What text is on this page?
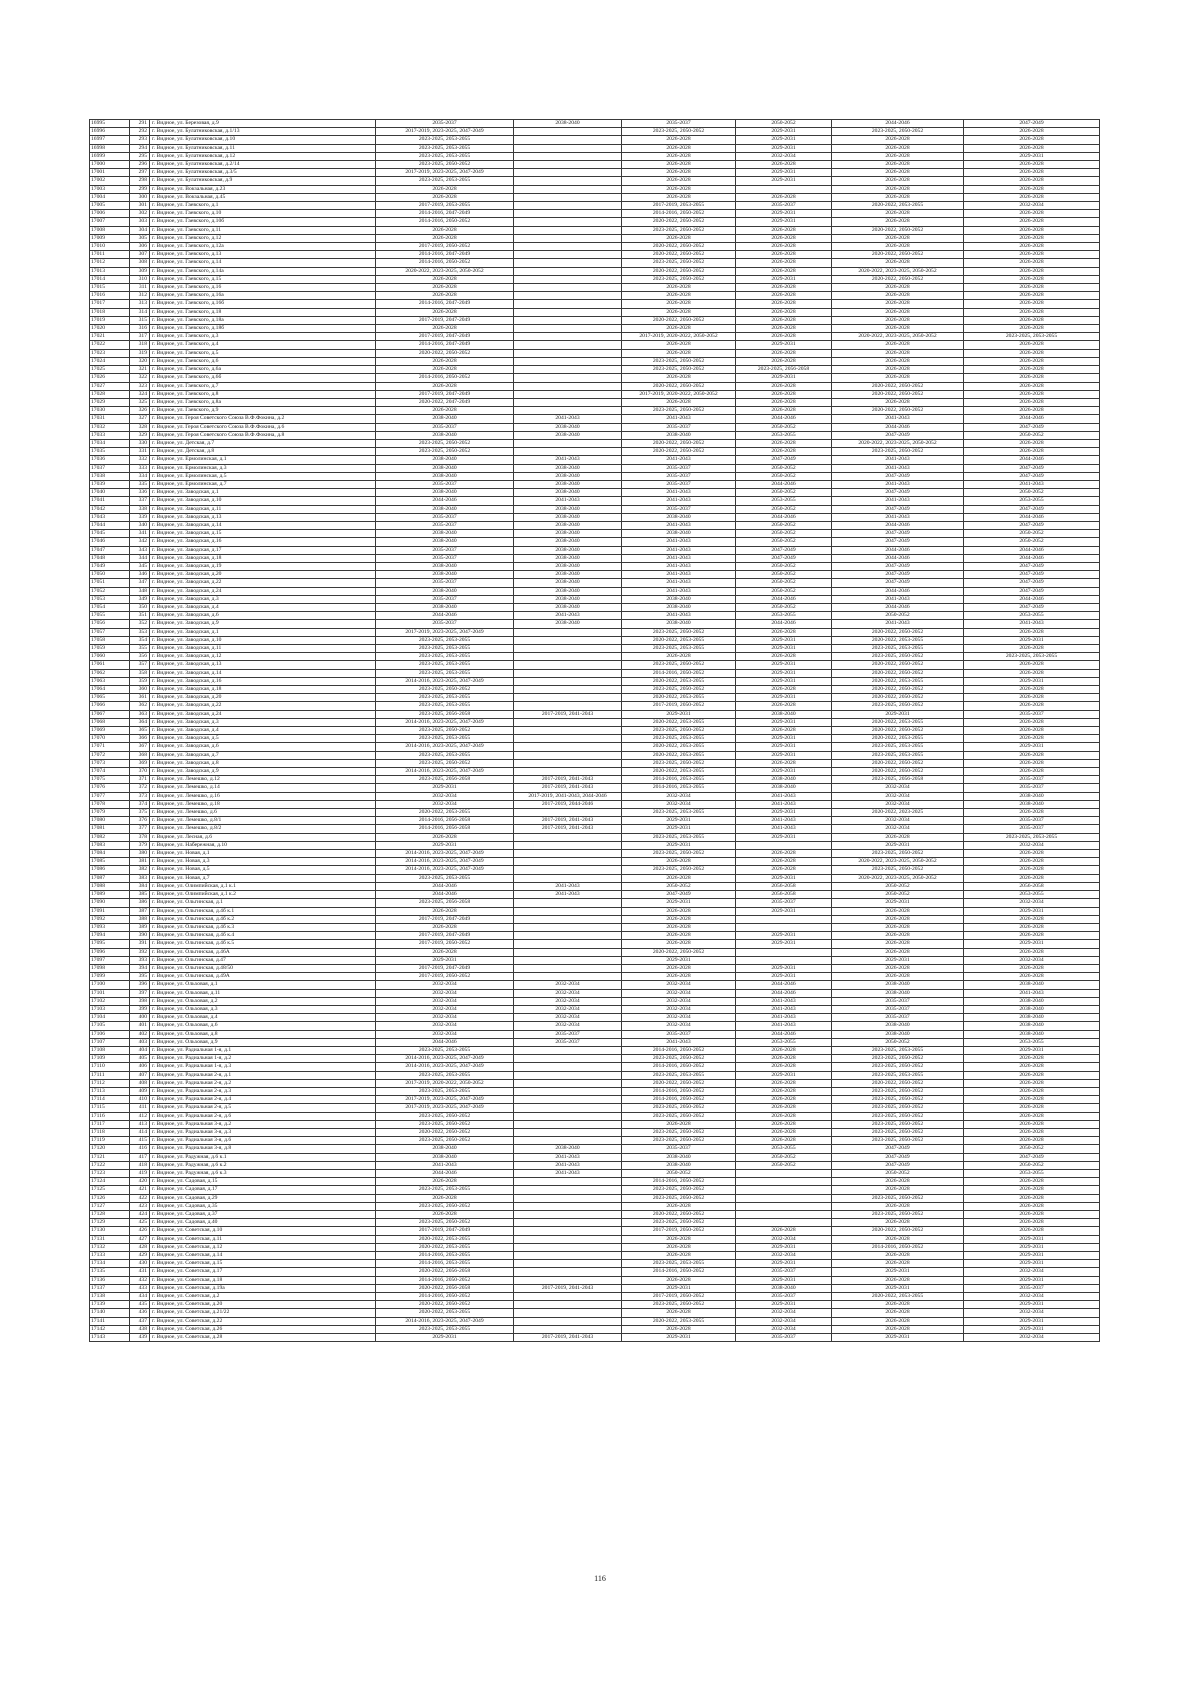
16995	291	г. Видное, ул. Березовая, д.9	2035-2037	2038-2040	2035-2037	2050-2052	2044-2046	2047-2049
16996	292	г. Видное, ул. Булатниковская, д.1/13	2017-2019, 2023-2025, 2047-2049		2023-2025, 2050-2052	2029-2031	2023-2025, 2050-2052	2026-2028
16997	293	г. Видное, ул. Булатниковская, д.10	2023-2025, 2053-2055		2026-2028	2029-2031	2026-2028	2026-2028
16998	294	г. Видное, ул. Булатниковская, д.11	2023-2025, 2053-2055		2026-2028	2029-2031	2026-2028	2026-2028
16999	295	г. Видное, ул. Булатниковская, д.12	2023-2025, 2053-2055		2026-2028	2032-2034	2026-2028	2029-2031
17000	296	г. Видное, ул. Булатниковская, д.2/14	2023-2025, 2050-2052		2026-2028	2026-2028	2026-2028	2026-2028
17001	297	г. Видное, ул. Булатниковская, д.3/5	2017-2019, 2023-2025, 2047-2049		2026-2028	2029-2031	2026-2028	2026-2028
17002	298	г. Видное, ул. Булатниковская, д.9	2023-2025, 2053-2055		2026-2028	2029-2031	2026-2028	2026-2028
17003	299	г. Видное, ул. Вокзальная, д.23	2026-2028		2026-2028		2026-2028	2026-2028
17004	300	г. Видное, ул. Вокзальная, д.45	2026-2028		2026-2028	2026-2028	2026-2028	2026-2028
17005	301	г. Видное, ул. Гаевского, д.1	2017-2019, 2053-2055		2017-2019, 2053-2055	2035-2037	2020-2022, 2053-2055	2032-2034
17006	302	г. Видное, ул. Гаевского, д.10	2014-2016, 2047-2049		2014-2016, 2050-2052	2029-2031	2026-2028	2026-2028
17007	303	г. Видное, ул. Гаевского, д.10б	2014-2016, 2050-2052		2020-2022, 2050-2052	2029-2031	2026-2028	2026-2028
17008	304	г. Видное, ул. Гаевского, д.11	2026-2028		2023-2025, 2050-2052	2026-2028	2020-2022, 2050-2052	2026-2028
17009	305	г. Видное, ул. Гаевского, д.12	2026-2028		2026-2028	2026-2028	2026-2028	2026-2028
17010	306	г. Видное, ул. Гаевского, д.12а	2017-2019, 2050-2052		2020-2022, 2050-2052	2026-2028	2026-2028	2026-2028
17011	307	г. Видное, ул. Гаевского, д.13	2014-2016, 2047-2049		2020-2022, 2050-2052	2026-2028	2020-2022, 2050-2052	2026-2028
17012	308	г. Видное, ул. Гаевского, д.14	2014-2016, 2050-2052		2023-2025, 2050-2052	2026-2028	2026-2028	2026-2028
17013	309	г. Видное, ул. Гаевского, д.14а	2020-2022, 2023-2025, 2050-2052		2020-2022, 2050-2052	2026-2028	2020-2022, 2023-2025, 2050-2052	2026-2028
17014	310	г. Видное, ул. Гаевского, д.15	2026-2028		2023-2025, 2050-2052	2029-2031	2020-2022, 2050-2052	2026-2028
17015	311	г. Видное, ул. Гаевского, д.16	2026-2028		2026-2028	2026-2028	2026-2028	2026-2028
17016	312	г. Видное, ул. Гаевского, д.16а	2026-2028		2026-2028	2026-2028	2026-2028	2026-2028
17017	313	г. Видное, ул. Гаевского, д.16б	2014-2016, 2047-2049		2026-2028	2026-2028	2026-2028	2026-2028
17018	314	г. Видное, ул. Гаевского, д.18	2026-2028		2026-2028	2026-2028	2026-2028	2026-2028
17019	315	г. Видное, ул. Гаевского, д.18а	2017-2019, 2047-2049		2020-2022, 2050-2052	2026-2028	2026-2028	2026-2028
17020	316	г. Видное, ул. Гаевского, д.18б	2026-2028		2026-2028	2026-2028	2026-2028	2026-2028
17021	317	г. Видное, ул. Гаевского, д.3	2017-2019, 2047-2049		2017-2019, 2020-2022, 2050-2052	2026-2028	2020-2022, 2023-2025, 2050-2052	2023-2025, 2053-2055
17022	318	г. Видное, ул. Гаевского, д.4	2014-2016, 2047-2049		2026-2028	2029-2031	2026-2028	2026-2028
17023	319	г. Видное, ул. Гаевского, д.5	2020-2022, 2050-2052		2026-2028	2026-2028	2026-2028	2026-2028
17024	320	г. Видное, ул. Гаевского, д.6	2026-2028		2023-2025, 2050-2052	2026-2028	2026-2028	2026-2028
17025	321	г. Видное, ул. Гаевского, д.6а	2026-2028		2023-2025, 2050-2052	2023-2025, 2056-2058	2026-2028	2026-2028
17026	322	г. Видное, ул. Гаевского, д.6б	2014-2016, 2050-2052		2026-2028	2029-2031	2026-2028	2026-2028
17027	323	г. Видное, ул. Гаевского, д.7	2026-2028		2020-2022, 2050-2052	2026-2028	2020-2022, 2050-2052	2026-2028
17028	324	г. Видное, ул. Гаевского, д.8	2017-2019, 2047-2049		2017-2019, 2020-2022, 2050-2052	2026-2028	2020-2022, 2050-2052	2026-2028
17029	325	г. Видное, ул. Гаевского, д.8а	2020-2022, 2047-2049		2026-2028	2026-2028	2026-2028	2026-2028
17030	326	г. Видное, ул. Гаевского, д.9	2026-2028		2023-2025, 2050-2052	2026-2028	2020-2022, 2050-2052	2026-2028
17031	327	г. Видное, ул. Героя Советского Союза В.Ф.Фокина, д.2	2038-2040	2041-2043	2041-2043	2044-2046	2041-2043	2044-2046
17032	328	г. Видное, ул. Героя Советского Союза В.Ф.Фокина, д.6	2035-2037	2038-2040	2035-2037	2050-2052	2044-2046	2047-2049
17033	329	г. Видное, ул. Героя Советского Союза В.Ф.Фокина, д.8	2038-2040	2038-2040	2038-2040	2053-2055	2047-2049	2050-2052
17034	330	г. Видное, ул. Детская, д.7	2023-2025, 2050-2052		2020-2022, 2050-2052	2026-2028	2020-2022, 2023-2025, 2050-2052	2026-2028
17035	331	г. Видное, ул. Детская, д.8	2023-2025, 2050-2052		2020-2022, 2050-2052	2026-2028	2023-2025, 2050-2052	2026-2028
17036	332	г. Видное, ул. Ермолинская, д.1	2038-2040	2041-2043	2041-2043	2047-2049	2041-2043	2044-2046
17037	333	г. Видное, ул. Ермолинская, д.3	2038-2040	2038-2040	2035-2037	2050-2052	2041-2043	2047-2049
17038	334	г. Видное, ул. Ермолинская, д.5	2038-2040	2038-2040	2035-2037	2050-2052	2047-2049	2047-2049
17039	335	г. Видное, ул. Ермолинская, д.7	2035-2037	2038-2040	2035-2037	2044-2046	2041-2043	2041-2043
17040	336	г. Видное, ул. Заводская, д.1	2038-2040	2038-2040	2041-2043	2050-2052	2047-2049	2050-2052
17041	337	г. Видное, ул. Заводская, д.10	2044-2046	2041-2043	2041-2043	2053-2055	2041-2043	2053-2055
17042	338	г. Видное, ул. Заводская, д.11	2038-2040	2038-2040	2035-2037	2050-2052	2047-2049	2047-2049
17043	339	г. Видное, ул. Заводская, д.13	2035-2037	2038-2040	2038-2040	2044-2046	2041-2043	2044-2046
17044	340	г. Видное, ул. Заводская, д.14	2035-2037	2038-2040	2041-2043	2050-2052	2044-2046	2047-2049
17045	341	г. Видное, ул. Заводская, д.15	2038-2040	2038-2040	2038-2040	2050-2052	2047-2049	2050-2052
17046	342	г. Видное, ул. Заводская, д.16	2038-2040	2038-2040	2041-2043	2050-2052	2047-2049	2050-2052
17047	343	г. Видное, ул. Заводская, д.17	2035-2037	2038-2040	2041-2043	2047-2049	2044-2046	2044-2046
17048	344	г. Видное, ул. Заводская, д.18	2035-2037	2038-2040	2041-2043	2047-2049	2044-2046	2044-2046
17049	345	г. Видное, ул. Заводская, д.19	2038-2040	2038-2040	2041-2043	2050-2052	2047-2049	2047-2049
17050	346	г. Видное, ул. Заводская, д.20	2038-2040	2038-2040	2041-2043	2050-2052	2047-2049	2047-2049
17051	347	г. Видное, ул. Заводская, д.22	2035-2037	2038-2040	2041-2043	2050-2052	2047-2049	2047-2049
17052	348	г. Видное, ул. Заводская, д.24	2038-2040	2038-2040	2041-2043	2050-2052	2044-2046	2047-2049
17053	349	г. Видное, ул. Заводская, д.3	2035-2037	2038-2040	2038-2040	2044-2046	2041-2043	2044-2046
17054	350	г. Видное, ул. Заводская, д.4	2038-2040	2038-2040	2038-2040	2050-2052	2044-2046	2047-2049
17055	351	г. Видное, ул. Заводская, д.6	2044-2046	2041-2043	2041-2043	2053-2055	2050-2052	2053-2055
17056	352	г. Видное, ул. Заводская, д.9	2035-2037	2038-2040	2038-2040	2044-2046	2041-2043	2041-2043
17057	353	г. Видное, ул. Заводская, д.1	2017-2019, 2023-2025, 2047-2049		2023-2025, 2050-2052	2026-2028	2020-2022, 2050-2052	2026-2028
17058	354	г. Видное, ул. Заводская, д.10	2023-2025, 2053-2055		2020-2022, 2053-2055	2029-2031	2020-2022, 2053-2055	2029-2031
17059	355	г. Видное, ул. Заводская, д.11	2023-2025, 2053-2055		2023-2025, 2053-2055	2029-2031	2023-2025, 2053-2055	2026-2028
17060	356	г. Видное, ул. Заводская, д.12	2023-2025, 2053-2055		2026-2028	2026-2028	2023-2025, 2050-2052	2023-2025, 2053-2055
17061	357	г. Видное, ул. Заводская, д.13	2023-2025, 2053-2055		2023-2025, 2050-2052	2029-2031	2020-2022, 2050-2052	2026-2028
17062	358	г. Видное, ул. Заводская, д.14	2023-2025, 2053-2055		2014-2016, 2050-2052	2029-2031	2020-2022, 2050-2052	2026-2028
17063	359	г. Видное, ул. Заводская, д.16	2014-2016, 2023-2025, 2047-2049		2020-2022, 2053-2055	2029-2031	2020-2022, 2053-2055	2029-2031
17064	360	г. Видное, ул. Заводская, д.18	2023-2025, 2050-2052		2023-2025, 2050-2052	2026-2028	2020-2022, 2050-2052	2026-2028
17065	361	г. Видное, ул. Заводская, д.20	2023-2025, 2053-2055		2020-2022, 2053-2055	2029-2031	2020-2022, 2050-2052	2026-2028
17066	362	г. Видное, ул. Заводская, д.22	2023-2025, 2053-2055		2017-2019, 2050-2052	2026-2028	2023-2025, 2050-2052	2026-2028
17067	363	г. Видное, ул. Заводская, д.24	2023-2025, 2056-2058	2017-2019, 2041-2043	2029-2031	2038-2040	2029-2031	2035-2037
17068	364	г. Видное, ул. Заводская, д.3	2014-2016, 2023-2025, 2047-2049		2020-2022, 2053-2055	2029-2031	2020-2022, 2053-2055	2026-2028
17069	365	г. Видное, ул. Заводская, д.4	2023-2025, 2050-2052		2023-2025, 2050-2052	2026-2028	2020-2022, 2050-2052	2026-2028
17070	366	г. Видное, ул. Заводская, д.5	2023-2025, 2053-2055		2023-2025, 2053-2055	2029-2031	2020-2022, 2053-2055	2026-2028
17071	367	г. Видное, ул. Заводская, д.6	2014-2016, 2023-2025, 2047-2049		2020-2022, 2053-2055	2029-2031	2023-2025, 2053-2055	2029-2031
17072	368	г. Видное, ул. Заводская, д.7	2023-2025, 2053-2055		2020-2022, 2053-2055	2029-2031	2023-2025, 2053-2055	2026-2028
17073	369	г. Видное, ул. Заводская, д.8	2023-2025, 2050-2052		2023-2025, 2050-2052	2026-2028	2020-2022, 2050-2052	2026-2028
17074	370	г. Видное, ул. Заводская, д.9	2014-2016, 2023-2025, 2047-2049		2020-2022, 2053-2055	2029-2031	2020-2022, 2050-2052	2026-2028
17075	371	г. Видное, ул. Лемешко, д.12	2023-2025, 2056-2058	2017-2019, 2041-2043	2014-2016, 2053-2055	2038-2040	2023-2025, 2056-2058	2035-2037
17076	372	г. Видное, ул. Лемешко, д.14	2029-2031	2017-2019, 2041-2043	2014-2016, 2053-2055	2038-2040	2032-2034	2035-2037
17077	373	г. Видное, ул. Лемешко, д.16	2032-2034	2017-2019, 2041-2043, 2044-2046	2032-2034	2041-2043	2032-2034	2038-2040
17078	374	г. Видное, ул. Лемешко, д.18	2032-2034	2017-2019, 2044-2046	2032-2034	2041-2043	2032-2034	2038-2040
17079	375	г. Видное, ул. Лемешко, д.6	2020-2022, 2053-2055		2023-2025, 2053-2055	2029-2031	2020-2022, 2023-2025	2026-2028
17080	376	г. Видное, ул. Лемешко, д.8/1	2014-2016, 2056-2058	2017-2019, 2041-2043	2029-2031	2041-2043	2032-2034	2035-2037
17081	377	г. Видное, ул. Лемешко, д.8/2	2014-2016, 2056-2058	2017-2019, 2041-2043	2029-2031	2041-2043	2032-2034	2035-2037
17082	378	г. Видное, ул. Лесная, д.6	2026-2028		2023-2025, 2053-2055	2029-2031	2026-2028	2023-2025, 2053-2055
17083	379	г. Видное, ул. Набережная, д.10	2029-2031		2029-2031		2029-2031	2032-2034
17084	380	г. Видное, ул. Новая, д.1	2014-2016, 2023-2025, 2047-2049		2023-2025, 2050-2052	2026-2028	2023-2025, 2050-2052	2026-2028
17085	381	г. Видное, ул. Новая, д.3	2014-2016, 2023-2025, 2047-2049		2026-2028	2026-2028	2020-2022, 2023-2025, 2050-2052	2026-2028
17086	382	г. Видное, ул. Новая, д.5	2014-2016, 2023-2025, 2047-2049		2023-2025, 2050-2052	2026-2028	2023-2025, 2050-2052	2026-2028
17087	383	г. Видное, ул. Новая, д.7	2023-2025, 2053-2055		2026-2028	2029-2031	2020-2022, 2023-2025, 2050-2052	2026-2028
17088	384	г. Видное, ул. Олимпийская, д.1 к.1	2044-2046	2041-2043	2050-2052	2056-2058	2050-2052	2056-2058
17089	385	г. Видное, ул. Олимпийская, д.1 к.2	2044-2046	2041-2043	2047-2049	2056-2058	2050-2052	2053-2055
17090	386	г. Видное, ул. Ольгинская, д.1	2023-2025, 2056-2058		2029-2031	2035-2037	2029-2031	2032-2034
17091	387	г. Видное, ул. Ольгинская, д.4б к.1	2026-2028		2026-2028	2029-2031	2026-2028	2029-2031
17092	388	г. Видное, ул. Ольгинская, д.4б к.2	2017-2019, 2047-2049		2026-2028		2026-2028	2026-2028
17093	389	г. Видное, ул. Ольгинская, д.4б к.3	2026-2028		2026-2028		2026-2028	2026-2028
17094	390	г. Видное, ул. Ольгинская, д.4б к.4	2017-2019, 2047-2049		2026-2028	2029-2031	2026-2028	2026-2028
17095	391	г. Видное, ул. Ольгинская, д.4б к.5	2017-2019, 2050-2052		2026-2028	2029-2031	2026-2028	2029-2031
17096	392	г. Видное, ул. Ольгинская, д.46А	2026-2028		2020-2022, 2050-2052		2026-2028	2026-2028
17097	393	г. Видное, ул. Ольгинская, д.47	2029-2031		2029-2031		2029-2031	2032-2034
17098	394	г. Видное, ул. Ольгинская, д.48/50	2017-2019, 2047-2049		2026-2028	2029-2031	2026-2028	2026-2028
17099	395	г. Видное, ул. Ольгинская, д.49А	2017-2019, 2050-2052		2026-2028	2029-2031	2026-2028	2026-2028
17100	396	г. Видное, ул. Ольховая, д.1	2032-2034	2032-2034	2032-2034	2044-2046	2038-2040	2038-2040
17101	397	г. Видное, ул. Ольховая, д.11	2032-2034	2032-2034	2032-2034	2044-2046	2038-2040	2041-2043
17102	398	г. Видное, ул. Ольховая, д.2	2032-2034	2032-2034	2032-2034	2041-2043	2035-2037	2038-2040
17103	399	г. Видное, ул. Ольховая, д.3	2032-2034	2032-2034	2032-2034	2041-2043	2035-2037	2038-2040
17104	400	г. Видное, ул. Ольховая, д.4	2032-2034	2032-2034	2032-2034	2041-2043	2035-2037	2038-2040
17105	401	г. Видное, ул. Ольховая, д.6	2032-2034	2032-2034	2032-2034	2041-2043	2038-2040	2038-2040
17106	402	г. Видное, ул. Ольховая, д.8	2032-2034	2035-2037	2035-2037	2044-2046	2038-2040	2038-2040
17107	403	г. Видное, ул. Ольховая, д.9	2044-2046	2035-2037	2041-2043	2053-2055	2050-2052	2053-2055
17108	404	г. Видное, ул. Радиальная 1-я, д.1	2023-2025, 2053-2055		2014-2016, 2050-2052	2026-2028	2023-2025, 2053-2055	2029-2031
17109	405	г. Видное, ул. Радиальная 1-я, д.2	2014-2016, 2023-2025, 2047-2049		2023-2025, 2050-2052	2026-2028	2023-2025, 2050-2052	2026-2028
17110	406	г. Видное, ул. Радиальная 1-я, д.3	2014-2016, 2023-2025, 2047-2049		2014-2016, 2050-2052	2026-2028	2023-2025, 2050-2052	2026-2028
17111	407	г. Видное, ул. Радиальная 2-я, д.1	2023-2025, 2053-2055		2023-2025, 2053-2055	2029-2031	2023-2025, 2053-2055	2026-2028
17112	408	г. Видное, ул. Радиальная 2-я, д.2	2017-2019, 2020-2022, 2050-2052		2020-2022, 2050-2052	2026-2028	2020-2022, 2050-2052	2026-2028
17113	409	г. Видное, ул. Радиальная 2-я, д.3	2023-2025, 2053-2055		2014-2016, 2050-2052	2026-2028	2023-2025, 2050-2052	2026-2028
17114	410	г. Видное, ул. Радиальная 2-я, д.4	2017-2019, 2023-2025, 2047-2049		2014-2016, 2050-2052	2026-2028	2023-2025, 2050-2052	2026-2028
17115	411	г. Видное, ул. Радиальная 2-я, д.5	2017-2019, 2023-2025, 2047-2049		2023-2025, 2050-2052	2026-2028	2023-2025, 2050-2052	2026-2028
17116	412	г. Видное, ул. Радиальная 2-я, д.6	2023-2025, 2050-2052		2023-2025, 2050-2052	2026-2028	2023-2025, 2050-2052	2026-2028
17117	413	г. Видное, ул. Радиальная 3-я, д.2	2023-2025, 2050-2052		2026-2028	2026-2028	2023-2025, 2050-2052	2026-2028
17118	414	г. Видное, ул. Радиальная 3-я, д.3	2020-2022, 2050-2052		2023-2025, 2050-2052	2026-2028	2023-2025, 2050-2052	2026-2028
17119	415	г. Видное, ул. Радиальная 3-я, д.6	2023-2025, 2050-2052		2023-2025, 2050-2052	2026-2028	2023-2025, 2050-2052	2026-2028
17120	416	г. Видное, ул. Радиальная 3-я, д.8	2038-2040	2038-2040	2035-2037	2053-2055	2047-2049	2050-2052
17121	417	г. Видное, ул. Радужная, д.6 к.1	2038-2040	2041-2043	2038-2040	2050-2052	2047-2049	2047-2049
17122	418	г. Видное, ул. Радужная, д.6 к.2	2041-2043	2041-2043	2038-2040	2050-2052	2047-2049	2050-2052
17123	419	г. Видное, ул. Радужная, д.6 к.3	2044-2046	2041-2043	2050-2052		2050-2052	2053-2055
17124	420	г. Видное, ул. Садовая, д.15	2026-2028		2014-2016, 2050-2052		2026-2028	2026-2028
17125	421	г. Видное, ул. Садовая, д.17	2023-2025, 2053-2055		2023-2025, 2050-2052		2026-2028	2026-2028
17126	422	г. Видное, ул. Садовая, д.29	2026-2028		2023-2025, 2050-2052		2023-2025, 2050-2052	2026-2028
17127	423	г. Видное, ул. Садовая, д.35	2023-2025, 2050-2052		2026-2028		2026-2028	2026-2028
17128	424	г. Видное, ул. Садовая, д.37	2026-2028		2020-2022, 2050-2052		2023-2025, 2050-2052	2026-2028
17129	425	г. Видное, ул. Садовая, д.40	2023-2025, 2050-2052		2023-2025, 2050-2052		2026-2028	2026-2028
17130	426	г. Видное, ул. Советская, д.10	2017-2019, 2047-2049		2017-2019, 2050-2052	2026-2028	2020-2022, 2050-2052	2026-2028
17131	427	г. Видное, ул. Советская, д.11	2020-2022, 2053-2055		2026-2028	2032-2034	2026-2028	2029-2031
17132	428	г. Видное, ул. Советская, д.12	2020-2022, 2053-2055		2026-2028	2029-2031	2014-2016, 2050-2052	2029-2031
17133	429	г. Видное, ул. Советская, д.14	2014-2016, 2053-2055		2026-2028	2032-2034	2026-2028	2029-2031
17134	430	г. Видное, ул. Советская, д.15	2014-2016, 2053-2055		2023-2025, 2053-2055	2029-2031	2026-2028	2029-2031
17135	431	г. Видное, ул. Советская, д.17	2020-2022, 2056-2058		2014-2016, 2050-2052	2035-2037	2029-2031	2032-2034
17136	432	г. Видное, ул. Советская, д.18	2014-2016, 2050-2052		2026-2028	2029-2031	2026-2028	2029-2031
17137	433	г. Видное, ул. Советская, д.19а	2020-2022, 2056-2058	2017-2019, 2041-2043	2029-2031	2038-2040	2029-2031	2035-2037
17138	434	г. Видное, ул. Советская, д.2	2014-2016, 2050-2052		2017-2019, 2050-2052	2035-2037	2020-2022, 2053-2055	2032-2034
17139	435	г. Видное, ул. Советская, д.20	2020-2022, 2050-2052		2023-2025, 2050-2052	2029-2031	2026-2028	2029-2031
17140	436	г. Видное, ул. Советская, д.21/22	2020-2022, 2053-2055		2026-2028	2032-2034	2026-2028	2032-2034
17141	437	г. Видное, ул. Советская, д.22	2014-2016, 2023-2025, 2047-2049		2020-2022, 2053-2055	2032-2034	2026-2028	2029-2031
17142	438	г. Видное, ул. Советская, д.26	2023-2025, 2053-2055		2026-2028	2032-2034	2026-2028	2029-2031
17143	439	г. Видное, ул. Советская, д.28	2029-2031	2017-2019, 2041-2043	2029-2031	2035-2037	2029-2031	2032-2034
116
